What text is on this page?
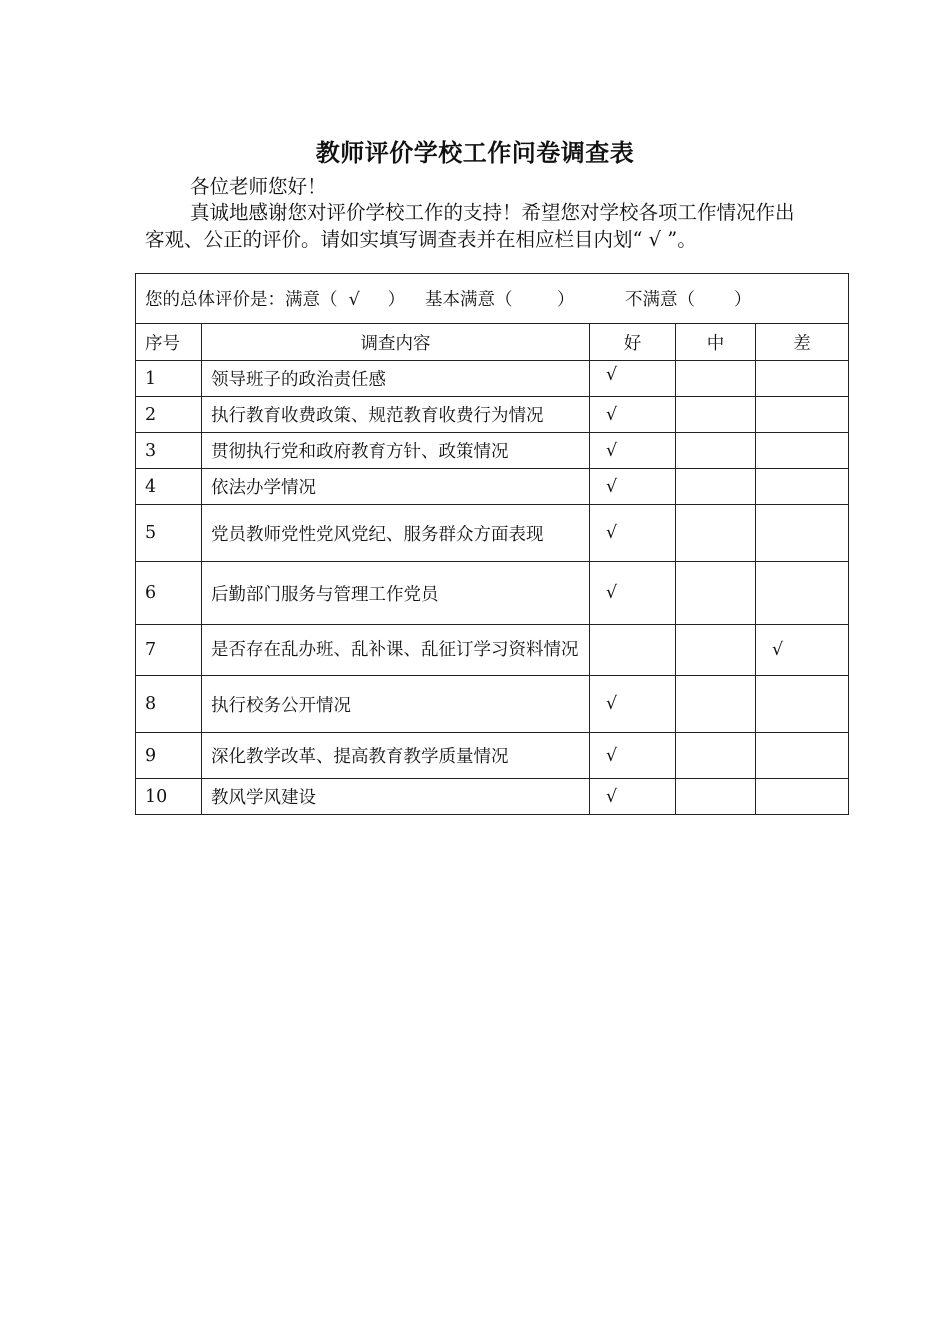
教师评价学校工作问卷调查表
各位老师您好！
真诚地感谢您对评价学校工作的支持！希望您对学校各项工作情况作出客观、公正的评价。请如实填写调查表并在相应栏目内划“ √ ”。
您的总体评价是：满意（  √     ） 基本满意（        ） 不满意（       ）				
序号	调查内容	好	中	差
1	领导班子的政治责任感	√		
2	执行教育收费政策、规范教育收费行为情况	√		
3	贯彻执行党和政府教育方针、政策情况	√		
4	依法办学情况	√		
5	党员教师党性党风党纪、服务群众方面表现	√		
6	后勤部门服务与管理工作党员	√		
7	是否存在乱办班、乱补课、乱征订学习资料情况			√
8	执行校务公开情况	√		
9	深化教学改革、提高教育教学质量情况	√		
10	教风学风建设	√		
